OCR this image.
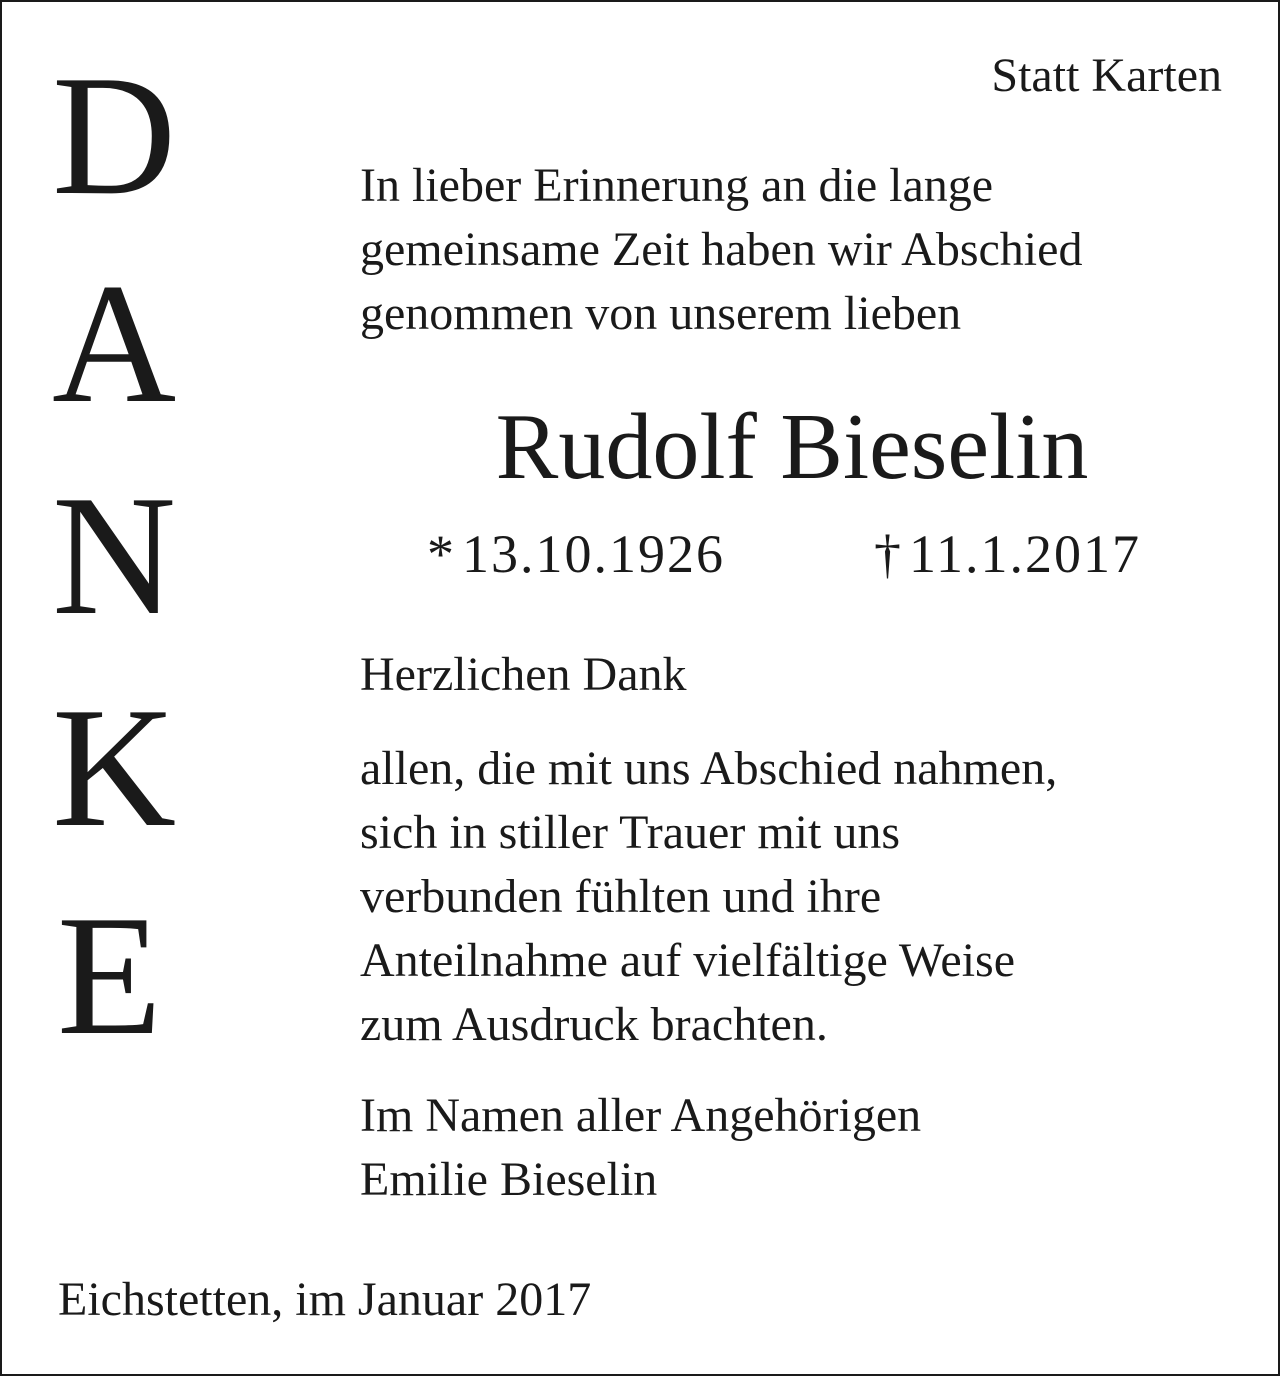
D
A
N
K
E
Statt Karten
In lieber Erinnerung an die lange
gemeinsame Zeit haben wir Abschied
genommen von unserem lieben
Rudolf Bieselin
* 13.10.1926	† 11.1.2017
Herzlichen Dank
allen, die mit uns Abschied nahmen,
sich in stiller Trauer mit uns
verbunden fühlten und ihre
Anteilnahme auf vielfältige Weise
zum Ausdruck brachten.
Im Namen aller Angehörigen
Emilie Bieselin
Eichstetten, im Januar 2017
